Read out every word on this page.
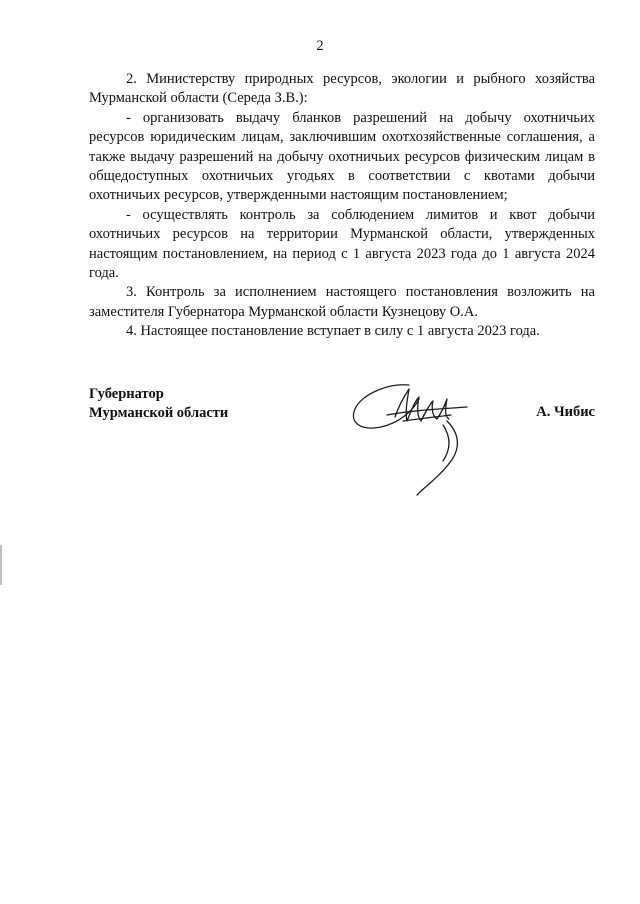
2

2. Министерству природных ресурсов, экологии и рыбного хозяйства Мурманской области (Середа З.В.):

- организовать выдачу бланков разрешений на добычу охотничьих ресурсов юридическим лицам, заключившим охотхозяйственные соглашения, а также выдачу разрешений на добычу охотничьих ресурсов физическим лицам в общедоступных охотничьих угодьях в соответствии с квотами добычи охотничьих ресурсов, утвержденными настоящим постановлением;

- осуществлять контроль за соблюдением лимитов и квот добычи охотничьих ресурсов на территории Мурманской области, утвержденных настоящим постановлением, на период с 1 августа 2023 года до 1 августа 2024 года.

3. Контроль за исполнением настоящего постановления возложить на заместителя Губернатора Мурманской области Кузнецову О.А.

4. Настоящее постановление вступает в силу с 1 августа 2023 года.

Губернатор
Мурманской области	А. Чибис
